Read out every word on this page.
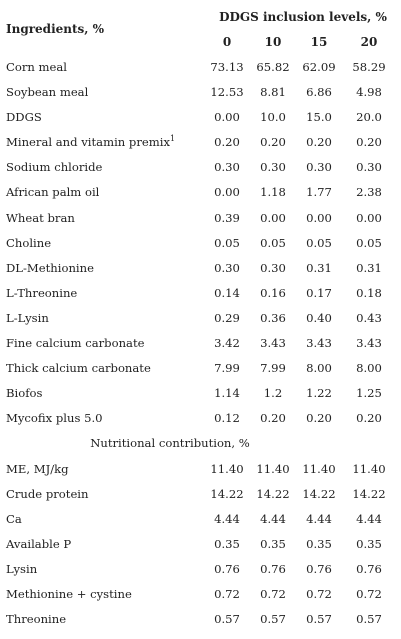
Ingredients, %
DDGS inclusion levels, %
0	10	15	20
Corn meal	73.13	65.82	62.09	58.29
Soybean meal	12.53	8.81	6.86	4.98
DDGS	0.00	10.0	15.0	20.0
Mineral and vitamin premix$^1$	0.20	0.20	0.20	0.20
Sodium chloride	0.30	0.30	0.30	0.30
African palm oil	0.00	1.18	1.77	2.38
Wheat bran	0.39	0.00	0.00	0.00
Choline	0.05	0.05	0.05	0.05
DL-Methionine	0.30	0.30	0.31	0.31
L-Threonine	0.14	0.16	0.17	0.18
L-Lysin	0.29	0.36	0.40	0.43
Fine calcium carbonate	3.42	3.43	3.43	3.43
Thick calcium carbonate	7.99	7.99	8.00	8.00
Biofos	1.14	1.2	1.22	1.25
Mycofix plus 5.0	0.12	0.20	0.20	0.20
Nutritional contribution, %
ME, MJ/kg	11.40	11.40	11.40	11.40
Crude protein	14.22	14.22	14.22	14.22
Ca	4.44	4.44	4.44	4.44
Available P	0.35	0.35	0.35	0.35
Lysin	0.76	0.76	0.76	0.76
Methionine + cystine	0.72	0.72	0.72	0.72
Threonine	0.57	0.57	0.57	0.57
